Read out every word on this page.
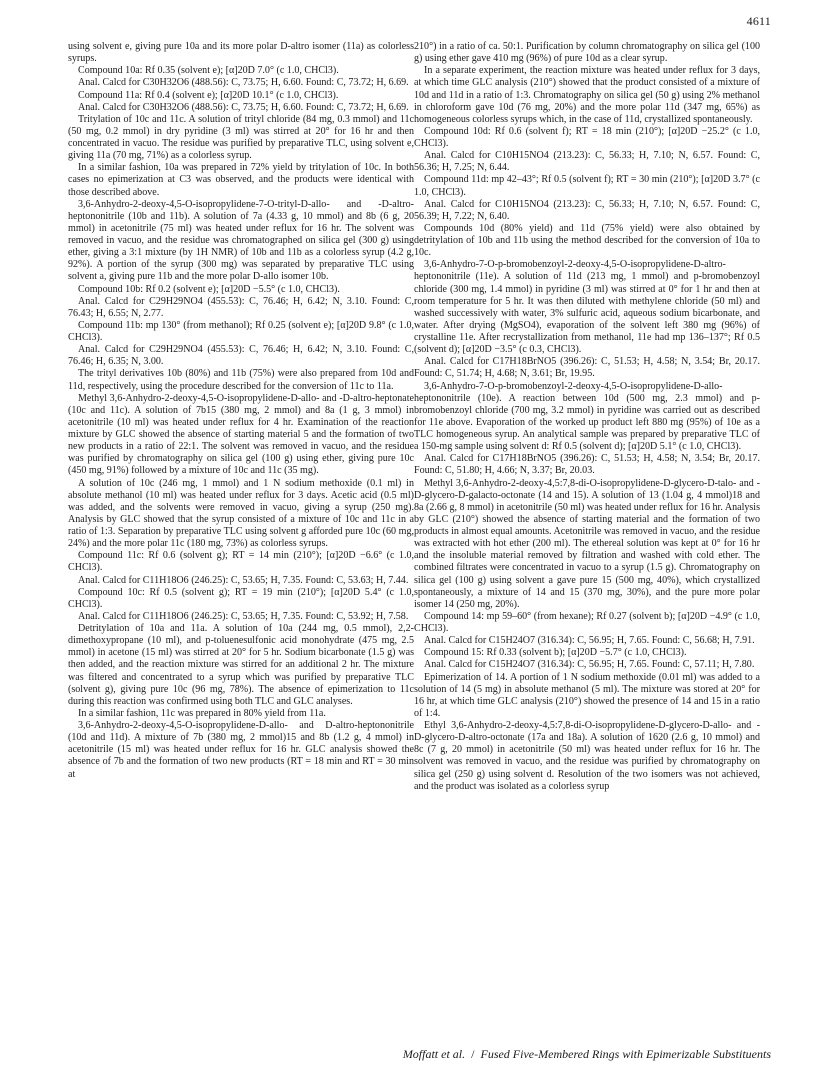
4611

using solvent e, giving pure 10a and its more polar D-altro isomer (11a) as colorless syrups.

Compound 10a: Rf 0.35 (solvent e); [α]20D 7.0° (c 1.0, CHCl3).

Anal. Calcd for C30H32O6 (488.56): C, 73.75; H, 6.60. Found: C, 73.72; H, 6.69.

Compound 11a: Rf 0.4 (solvent e); [α]20D 10.1° (c 1.0, CHCl3).

Anal. Calcd for C30H32O6 (488.56): C, 73.75; H, 6.60. Found: C, 73.72; H, 6.69.

Tritylation of 10c and 11c. A solution of trityl chloride (84 mg, 0.3 mmol) and 11c (50 mg, 0.2 mmol) in dry pyridine (3 ml) was stirred at 20° for 16 hr and then concentrated in vacuo. The residue was purified by preparative TLC, using solvent e, giving 11a (70 mg, 71%) as a colorless syrup.

In a similar fashion, 10a was prepared in 72% yield by tritylation of 10c. In both cases no epimerization at C3 was observed, and the products were identical with those described above.

3,6-Anhydro-2-deoxy-4,5-O-isopropylidene-7-O-trityl-D-allo- and -D-altro-heptononitrile (10b and 11b). A solution of 7a (4.33 g, 10 mmol) and 8b (6 g, 20 mmol) in acetonitrile (75 ml) was heated under reflux for 16 hr. The solvent was removed in vacuo, and the residue was chromatographed on silica gel (300 g) using ether, giving a 3:1 mixture (by 1H NMR) of 10b and 11b as a colorless syrup (4.2 g, 92%). A portion of the syrup (300 mg) was separated by preparative TLC using solvent a, giving pure 11b and the more polar D-allo isomer 10b.

Compound 10b: Rf 0.2 (solvent e); [α]20D −5.5° (c 1.0, CHCl3).

Anal. Calcd for C29H29NO4 (455.53): C, 76.46; H, 6.42; N, 3.10. Found: C, 76.43; H, 6.55; N, 2.77.

Compound 11b: mp 130° (from methanol); Rf 0.25 (solvent e); [α]20D 9.8° (c 1.0, CHCl3).

Anal. Calcd for C29H29NO4 (455.53): C, 76.46; H, 6.42; N, 3.10. Found: C, 76.46; H, 6.35; N, 3.00.

The trityl derivatives 10b (80%) and 11b (75%) were also prepared from 10d and 11d, respectively, using the procedure described for the conversion of 11c to 11a.

Methyl 3,6-Anhydro-2-deoxy-4,5-O-isopropylidene-D-allo- and -D-altro-heptonate (10c and 11c). A solution of 7b15 (380 mg, 2 mmol) and 8a (1 g, 3 mmol) in acetonitrile (10 ml) was heated under reflux for 4 hr. Examination of the reaction mixture by GLC showed the absence of starting material 5 and the formation of two new products in a ratio of 22:1. The solvent was removed in vacuo, and the residue was purified by chromatography on silica gel (100 g) using ether, giving pure 10c (450 mg, 91%) followed by a mixture of 10c and 11c (35 mg).

A solution of 10c (246 mg, 1 mmol) and 1 N sodium methoxide (0.1 ml) in absolute methanol (10 ml) was heated under reflux for 3 days. Acetic acid (0.5 ml) was added, and the solvents were removed in vacuo, giving a syrup (250 mg). Analysis by GLC showed that the syrup consisted of a mixture of 10c and 11c in a ratio of 1:3. Separation by preparative TLC using solvent g afforded pure 10c (60 mg, 24%) and the more polar 11c (180 mg, 73%) as colorless syrups.

Compound 11c: Rf 0.6 (solvent g); RT = 14 min (210°); [α]20D −6.6° (c 1.0, CHCl3).

Anal. Calcd for C11H18O6 (246.25): C, 53.65; H, 7.35. Found: C, 53.63; H, 7.44.

Compound 10c: Rf 0.5 (solvent g); RT = 19 min (210°); [α]20D 5.4° (c 1.0, CHCl3).

Anal. Calcd for C11H18O6 (246.25): C, 53.65; H, 7.35. Found: C, 53.92; H, 7.58.

Detritylation of 10a and 11a. A solution of 10a (244 mg, 0.5 mmol), 2,2-dimethoxypropane (10 ml), and p-toluenesulfonic acid monohydrate (475 mg, 2.5 mmol) in acetone (15 ml) was stirred at 20° for 5 hr. Sodium bicarbonate (1.5 g) was then added, and the reaction mixture was stirred for an additional 2 hr. The mixture was filtered and concentrated to a syrup which was purified by preparative TLC (solvent g), giving pure 10c (96 mg, 78%). The absence of epimerization to 11c during this reaction was confirmed using both TLC and GLC analyses.

In a similar fashion, 11c was prepared in 80% yield from 11a.

3,6-Anhydro-2-deoxy-4,5-O-isopropylidene-D-allo- and D-altro-heptononitrile (10d and 11d). A mixture of 7b (380 mg, 2 mmol)15 and 8b (1.2 g, 4 mmol) in acetonitrile (15 ml) was heated under reflux for 16 hr. GLC analysis showed the absence of 7b and the formation of two new products (RT = 18 min and RT = 30 min at

210°) in a ratio of ca. 50:1. Purification by column chromatography on silica gel (100 g) using ether gave 410 mg (96%) of pure 10d as a clear syrup.

In a separate experiment, the reaction mixture was heated under reflux for 3 days, at which time GLC analysis (210°) showed that the product consisted of a mixture of 10d and 11d in a ratio of 1:3. Chromatography on silica gel (50 g) using 2% methanol in chloroform gave 10d (76 mg, 20%) and the more polar 11d (347 mg, 65%) as homogeneous colorless syrups which, in the case of 11d, crystallized spontaneously.

Compound 10d: Rf 0.6 (solvent f); RT = 18 min (210°); [α]20D −25.2° (c 1.0, CHCl3).

Anal. Calcd for C10H15NO4 (213.23): C, 56.33; H, 7.10; N, 6.57. Found: C, 56.36; H, 7.25; N, 6.44.

Compound 11d: mp 42–43°; Rf 0.5 (solvent f); RT = 30 min (210°); [α]20D 3.7° (c 1.0, CHCl3).

Anal. Calcd for C10H15NO4 (213.23): C, 56.33; H, 7.10; N, 6.57. Found: C, 56.39; H, 7.22; N, 6.40.

Compounds 10d (80% yield) and 11d (75% yield) were also obtained by detritylation of 10b and 11b using the method described for the conversion of 10a to 10c.

3,6-Anhydro-7-O-p-bromobenzoyl-2-deoxy-4,5-O-isopropylidene-D-altro-heptononitrile (11e). A solution of 11d (213 mg, 1 mmol) and p-bromobenzoyl chloride (300 mg, 1.4 mmol) in pyridine (3 ml) was stirred at 0° for 1 hr and then at room temperature for 5 hr. It was then diluted with methylene chloride (50 ml) and washed successively with water, 3% sulfuric acid, aqueous sodium bicarbonate, and water. After drying (MgSO4), evaporation of the solvent left 380 mg (96%) of crystalline 11e. After recrystallization from methanol, 11e had mp 136–137°; Rf 0.5 (solvent d); [α]20D −3.5° (c 0.3, CHCl3).

Anal. Calcd for C17H18BrNO5 (396.26): C, 51.53; H, 4.58; N, 3.54; Br, 20.17. Found: C, 51.74; H, 4.68; N, 3.61; Br, 19.95.

3,6-Anhydro-7-O-p-bromobenzoyl-2-deoxy-4,5-O-isopropylidene-D-allo-heptononitrile (10e). A reaction between 10d (500 mg, 2.3 mmol) and p-bromobenzoyl chloride (700 mg, 3.2 mmol) in pyridine was carried out as described for 11e above. Evaporation of the worked up product left 880 mg (95%) of 10e as a TLC homogeneous syrup. An analytical sample was prepared by preparative TLC of a 150-mg sample using solvent d: Rf 0.5 (solvent d); [α]20D 5.1° (c 1.0, CHCl3).

Anal. Calcd for C17H18BrNO5 (396.26): C, 51.53; H, 4.58; N, 3.54; Br, 20.17. Found: C, 51.80; H, 4.66; N, 3.37; Br, 20.03.

Methyl 3,6-Anhydro-2-deoxy-4,5:7,8-di-O-isopropylidene-D-glycero-D-talo- and -D-glycero-D-galacto-octonate (14 and 15). A solution of 13 (1.04 g, 4 mmol)18 and 8a (2.66 g, 8 mmol) in acetonitrile (50 ml) was heated under reflux for 16 hr. Analysis by GLC (210°) showed the absence of starting material and the formation of two products in almost equal amounts. Acetonitrile was removed in vacuo, and the residue was extracted with hot ether (200 ml). The ethereal solution was kept at 0° for 16 hr and the insoluble material removed by filtration and washed with cold ether. The combined filtrates were concentrated in vacuo to a syrup (1.5 g). Chromatography on silica gel (100 g) using solvent a gave pure 15 (500 mg, 40%), which crystallized spontaneously, a mixture of 14 and 15 (370 mg, 30%), and the pure more polar isomer 14 (250 mg, 20%).

Compound 14: mp 59–60° (from hexane); Rf 0.27 (solvent b); [α]20D −4.9° (c 1.0, CHCl3).

Anal. Calcd for C15H24O7 (316.34): C, 56.95; H, 7.65. Found: C, 56.68; H, 7.91.

Compound 15: Rf 0.33 (solvent b); [α]20D −5.7° (c 1.0, CHCl3).

Anal. Calcd for C15H24O7 (316.34): C, 56.95; H, 7.65. Found: C, 57.11; H, 7.80.

Epimerization of 14. A portion of 1 N sodium methoxide (0.01 ml) was added to a solution of 14 (5 mg) in absolute methanol (5 ml). The mixture was stored at 20° for 16 hr, at which time GLC analysis (210°) showed the presence of 14 and 15 in a ratio of 1:4.

Ethyl 3,6-Anhydro-2-deoxy-4,5:7,8-di-O-isopropylidene-D-glycero-D-allo- and -D-glycero-D-altro-octonate (17a and 18a). A solution of 1620 (2.6 g, 10 mmol) and 8c (7 g, 20 mmol) in acetonitrile (50 ml) was heated under reflux for 16 hr. The solvent was removed in vacuo, and the residue was purified by chromatography on silica gel (250 g) using solvent d. Resolution of the two isomers was not achieved, and the product was isolated as a colorless syrup

Moffatt et al. / Fused Five-Membered Rings with Epimerizable Substituents
